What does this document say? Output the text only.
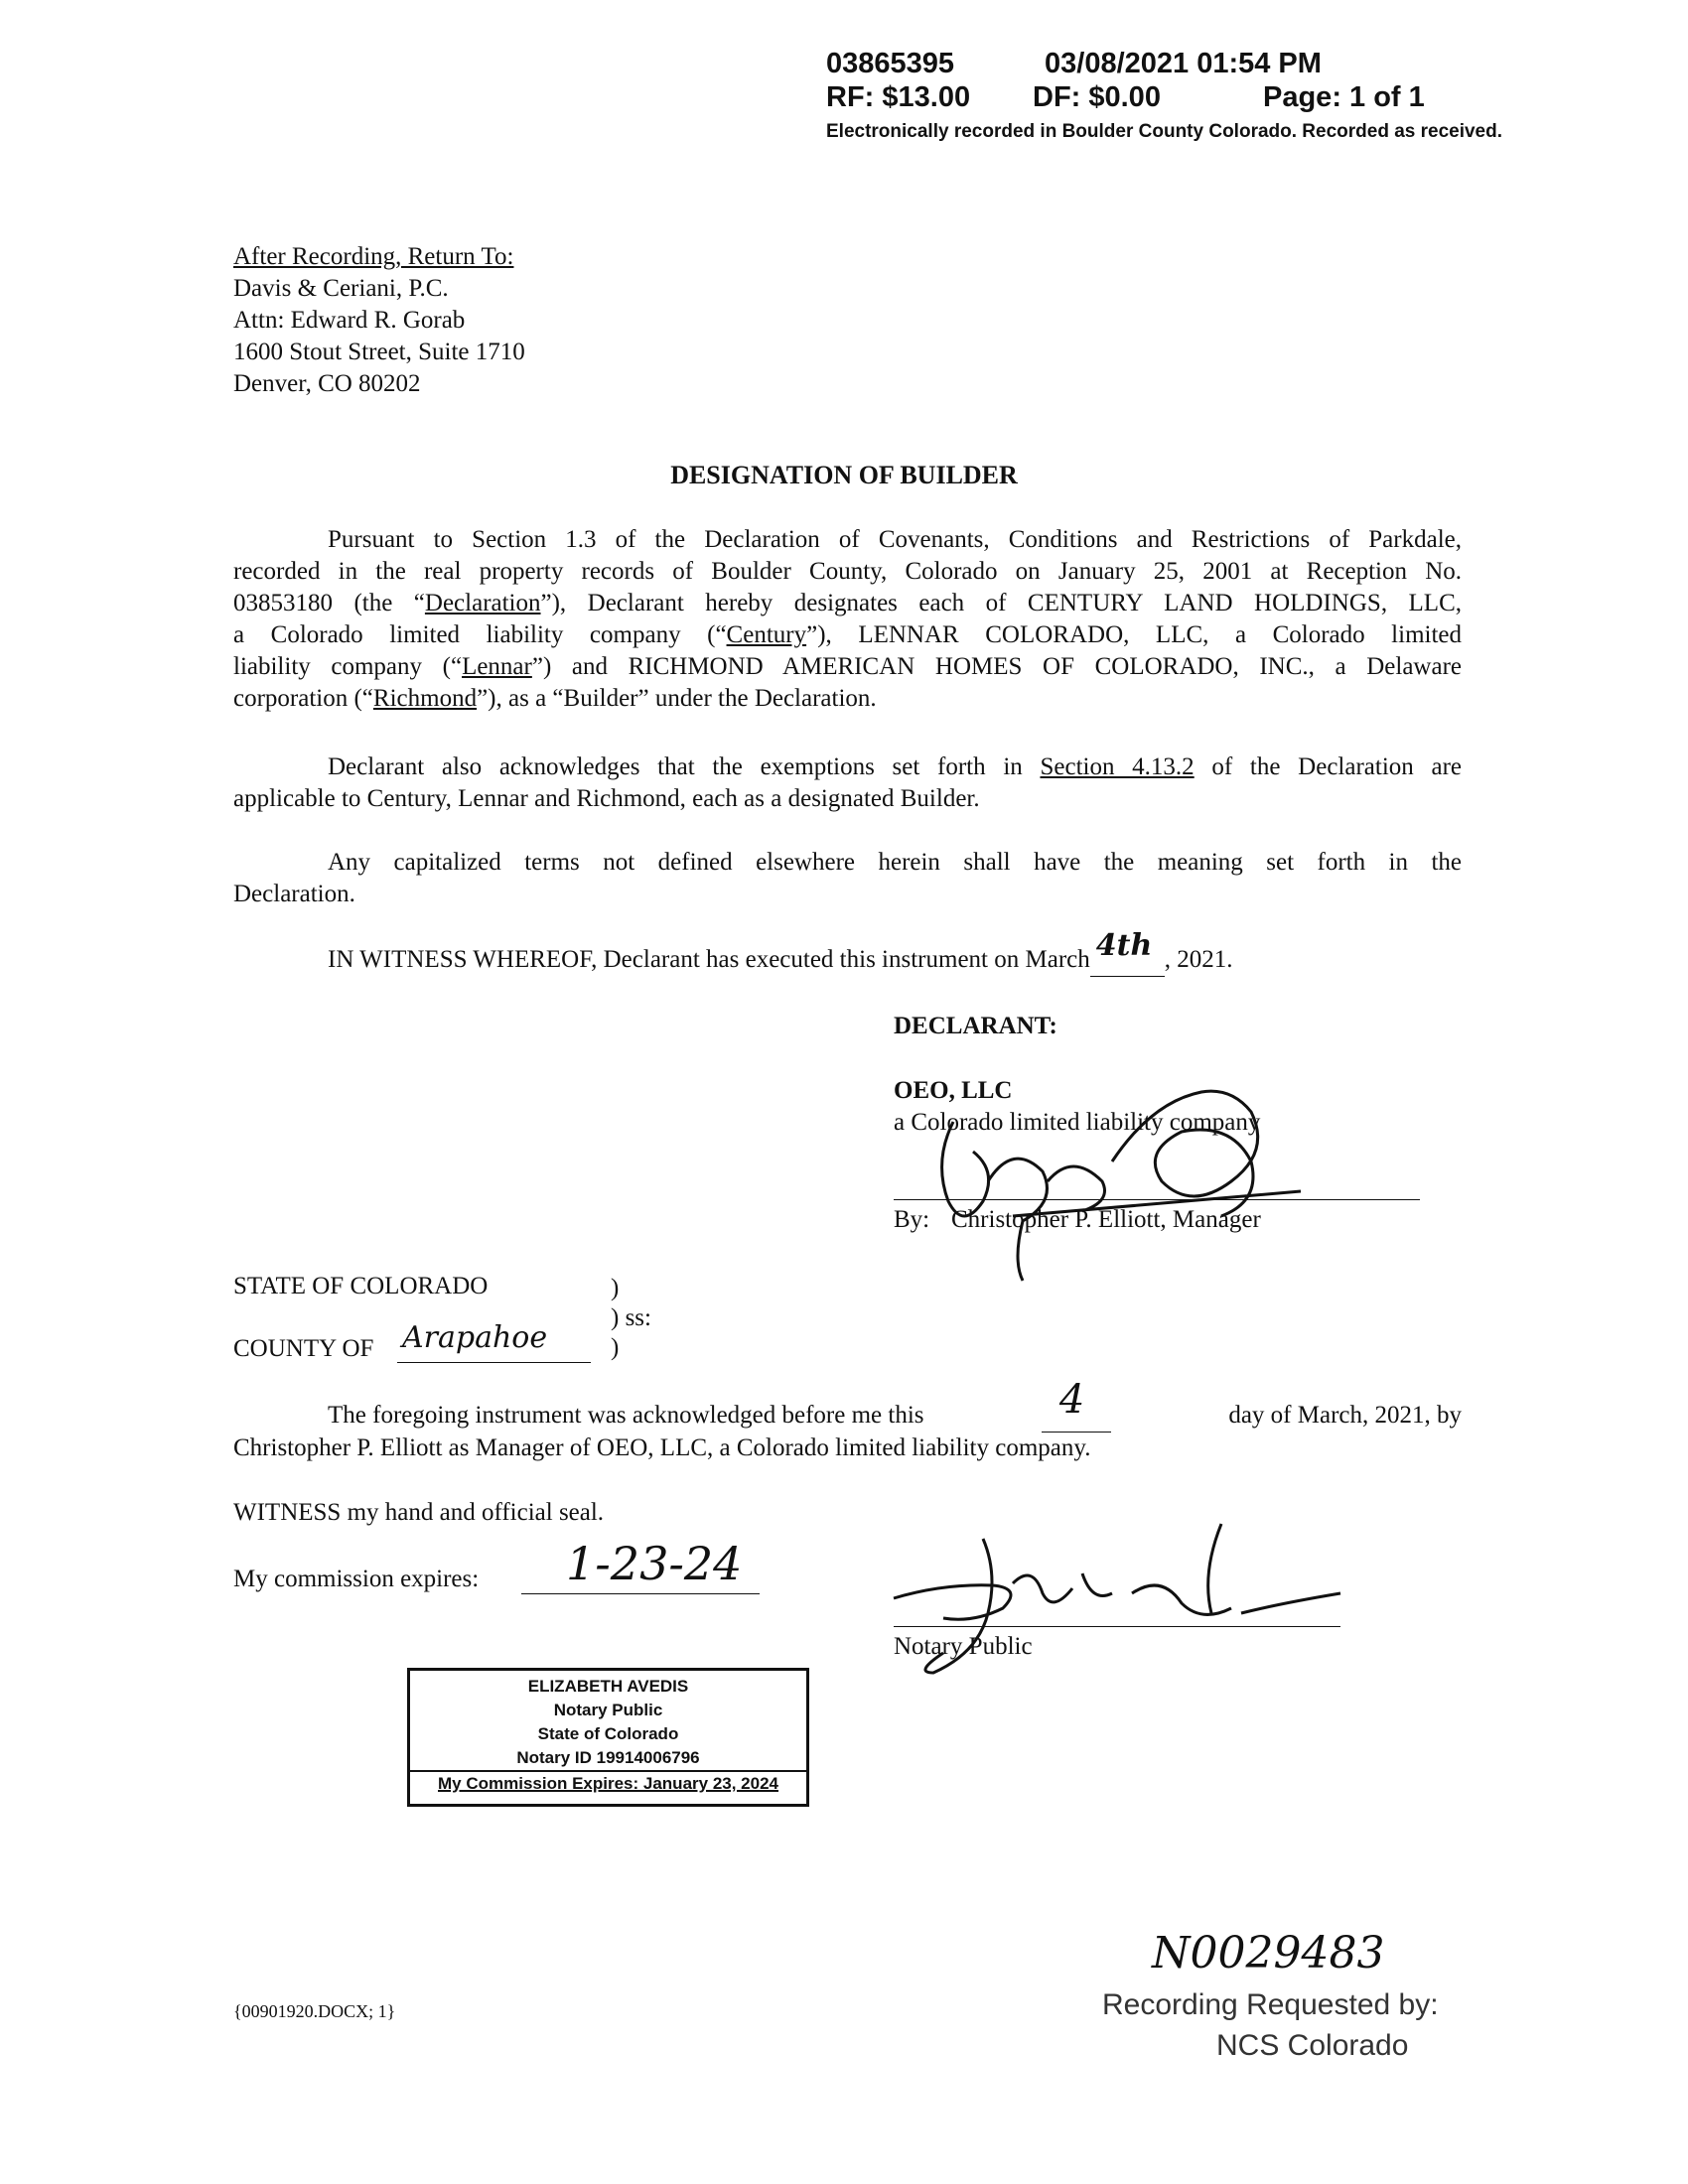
03865395	03/08/2021 01:54 PM
RF: $13.00 DF: $0.00	Page: 1 of 1
Electronically recorded in Boulder County Colorado. Recorded as received.
After Recording, Return To:
Davis & Ceriani, P.C.
Attn: Edward R. Gorab
1600 Stout Street, Suite 1710
Denver, CO 80202
DESIGNATION OF BUILDER
Pursuant to Section 1.3 of the Declaration of Covenants, Conditions and Restrictions of Parkdale,
recorded in the real property records of Boulder County, Colorado on January 25, 2001 at Reception No.
03853180 (the “Declaration”), Declarant hereby designates each of CENTURY LAND HOLDINGS, LLC,
a Colorado limited liability company (“Century”), LENNAR COLORADO, LLC, a Colorado limited
liability company (“Lennar”) and RICHMOND AMERICAN HOMES OF COLORADO, INC., a Delaware
corporation (“Richmond”), as a “Builder” under the Declaration.
Declarant also acknowledges that the exemptions set forth in Section 4.13.2 of the Declaration are
applicable to Century, Lennar and Richmond, each as a designated Builder.
Any capitalized terms not defined elsewhere herein shall have the meaning set forth in the
Declaration.
IN WITNESS WHEREOF, Declarant has executed this instrument on March 4th , 2021.
DECLARANT:
OEO, LLC
a Colorado limited liability company
By: Christopher P. Elliott, Manager
STATE OF COLORADO	)
) ss:
)
COUNTY OF Arapahoe
The foregoing instrument was acknowledged before me this	4
	day of March, 2021, by
Christopher P. Elliott as Manager of OEO, LLC, a Colorado limited liability company.
WITNESS my hand and official seal.
My commission expires: 1-23-24
Notary Public
ELIZABETH AVEDIS
Notary Public
State of Colorado
Notary ID 19914006796
My Commission Expires: January 23, 2024
{00901920.DOCX; 1}
N0029483
Recording Requested by:
NCS Colorado
